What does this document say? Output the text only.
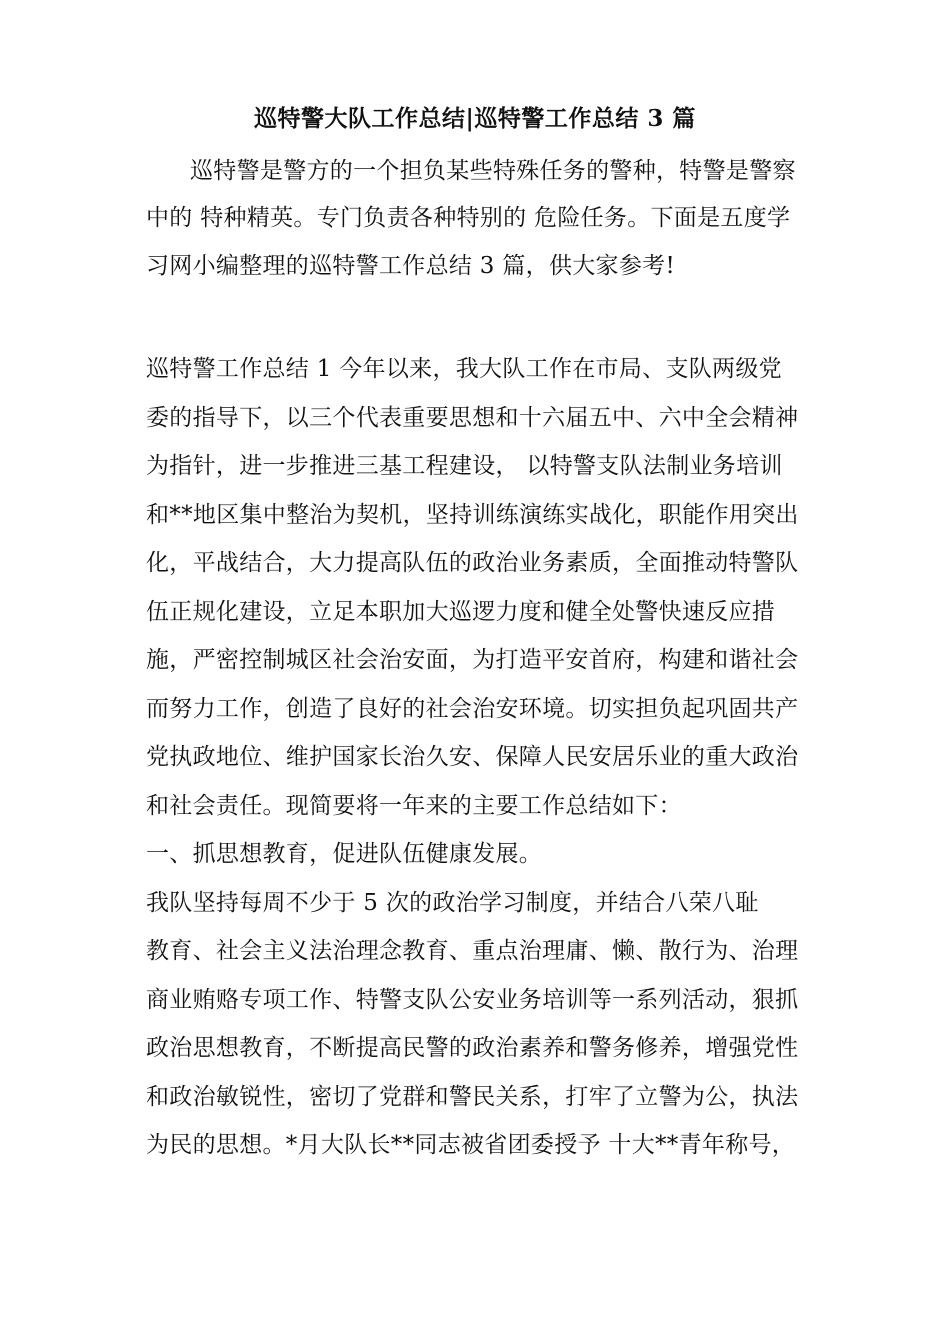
巡特警大队工作总结|巡特警工作总结 3 篇
巡特警是警方的一个担负某些特殊任务的警种，特警是警察
中的 特种精英。专门负责各种特别的 危险任务。下面是五度学
习网小编整理的巡特警工作总结 3 篇，供大家参考!
巡特警工作总结 1 今年以来，我大队工作在市局、支队两级党
委的指导下，以三个代表重要思想和十六届五中、六中全会精神
为指针，进一步推进三基工程建设， 以特警支队法制业务培训
和**地区集中整治为契机，坚持训练演练实战化，职能作用突出
化，平战结合，大力提高队伍的政治业务素质，全面推动特警队
伍正规化建设，立足本职加大巡逻力度和健全处警快速反应措
施，严密控制城区社会治安面，为打造平安首府，构建和谐社会
而努力工作，创造了良好的社会治安环境。切实担负起巩固共产
党执政地位、维护国家长治久安、保障人民安居乐业的重大政治
和社会责任。现简要将一年来的主要工作总结如下：
一、抓思想教育，促进队伍健康发展。
我队坚持每周不少于 5 次的政治学习制度，并结合八荣八耻
教育、社会主义法治理念教育、重点治理庸、懒、散行为、治理
商业贿赂专项工作、特警支队公安业务培训等一系列活动，狠抓
政治思想教育，不断提高民警的政治素养和警务修养，增强党性
和政治敏锐性，密切了党群和警民关系，打牢了立警为公，执法
为民的思想。*月大队长**同志被省团委授予 十大**青年称号，
